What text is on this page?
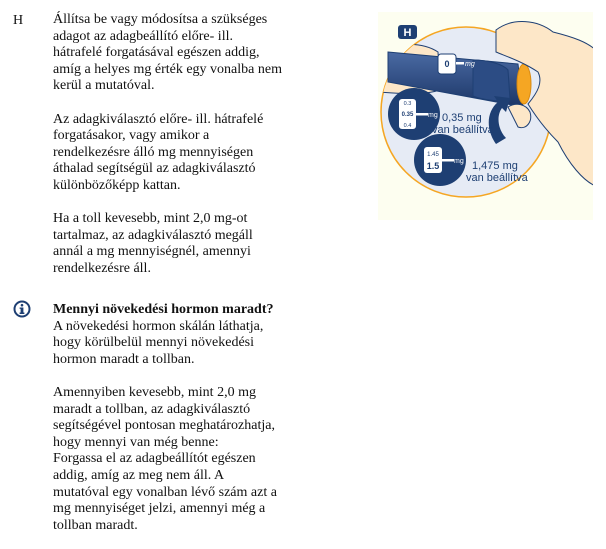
H Állítsa be vagy módosítsa a szükséges
adagot az adagbeállító előre- ill.
hátrafelé forgatásával egészen addig,
amíg a helyes mg érték egy vonalba nem
kerül a mutatóval.

Az adagkiválasztó előre- ill. hátrafelé
forgatásakor, vagy amikor a
rendelkezésre álló mg mennyiségen
áthalad segítségül az adagkiválasztó
különbözőképp kattan.

Ha a toll kevesebb, mint 2,0 mg-ot
tartalmaz, az adagkiválasztó megáll
annál a mg mennyiségnél, amennyi
rendelkezésre áll.

Mennyi növekedési hormon maradt?

A növekedési hormon skálán láthatja,
hogy körülbelül mennyi növekedési
hormon maradt a tollban.

Amennyiben kevesebb, mint 2,0 mg
maradt a tollban, az adagkiválasztó
segítségével pontosan meghatározhatja,
hogy mennyi van még benne:
Forgassa el az adagbeállítót egészen
addig, amíg az meg nem áll. A
mutatóval egy vonalban lévő szám azt a
mg mennyiséget jelzi, amennyi még a
tollban maradt.

0 mg
0.3
0.35
0.4
mg 0,35 mg
van beállítva
1.45
1.5 mg 1,475 mg
van beállítva
H
